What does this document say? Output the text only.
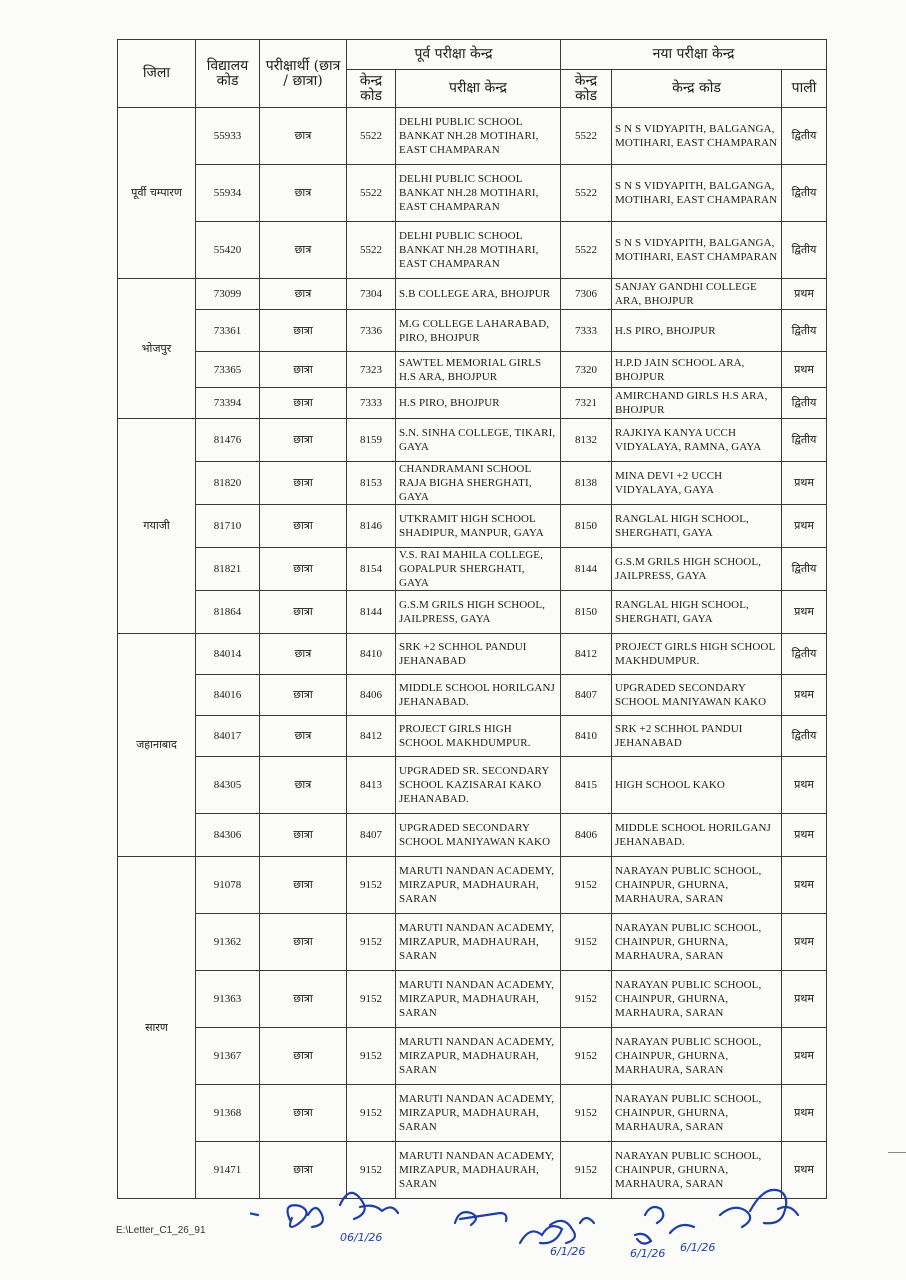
जिला	विद्यालय कोड	परीक्षार्थी (छात्र / छात्रा)	पूर्व परीक्षा केन्द्र		नया परीक्षा केन्द्र		
			केन्द्र कोड	परीक्षा केन्द्र	केन्द्र कोड	केन्द्र कोड	पाली
पूर्वी चम्पारण	55933	छात्र	5522	DELHI PUBLIC SCHOOL BANKAT NH.28 MOTIHARI, EAST CHAMPARAN	5522	S N S VIDYAPITH, BALGANGA, MOTIHARI, EAST CHAMPARAN	द्वितीय
	55934	छात्र	5522	DELHI PUBLIC SCHOOL BANKAT NH.28 MOTIHARI, EAST CHAMPARAN	5522	S N S VIDYAPITH, BALGANGA, MOTIHARI, EAST CHAMPARAN	द्वितीय
	55420	छात्र	5522	DELHI PUBLIC SCHOOL BANKAT NH.28 MOTIHARI, EAST CHAMPARAN	5522	S N S VIDYAPITH, BALGANGA, MOTIHARI, EAST CHAMPARAN	द्वितीय
भोजपुर	73099	छात्र	7304	S.B COLLEGE ARA, BHOJPUR	7306	SANJAY GANDHI COLLEGE ARA, BHOJPUR	प्रथम
	73361	छात्रा	7336	M.G COLLEGE LAHARABAD, PIRO, BHOJPUR	7333	H.S PIRO, BHOJPUR	द्वितीय
	73365	छात्रा	7323	SAWTEL MEMORIAL GIRLS H.S ARA, BHOJPUR	7320	H.P.D JAIN SCHOOL ARA, BHOJPUR	प्रथम
	73394	छात्रा	7333	H.S PIRO, BHOJPUR	7321	AMIRCHAND GIRLS H.S ARA, BHOJPUR	द्वितीय
गयाजी	81476	छात्रा	8159	S.N. SINHA COLLEGE, TIKARI, GAYA	8132	RAJKIYA KANYA UCCH VIDYALAYA, RAMNA, GAYA	द्वितीय
	81820	छात्रा	8153	CHANDRAMANI SCHOOL RAJA BIGHA SHERGHATI, GAYA	8138	MINA DEVI +2 UCCH VIDYALAYA, GAYA	प्रथम
	81710	छात्रा	8146	UTKRAMIT HIGH SCHOOL SHADIPUR, MANPUR, GAYA	8150	RANGLAL HIGH SCHOOL, SHERGHATI, GAYA	प्रथम
	81821	छात्रा	8154	V.S. RAI MAHILA COLLEGE, GOPALPUR SHERGHATI, GAYA	8144	G.S.M GRILS HIGH SCHOOL, JAILPRESS, GAYA	द्वितीय
	81864	छात्रा	8144	G.S.M GRILS HIGH SCHOOL, JAILPRESS, GAYA	8150	RANGLAL HIGH SCHOOL, SHERGHATI, GAYA	प्रथम
जहानाबाद	84014	छात्र	8410	SRK +2 SCHHOL PANDUI JEHANABAD	8412	PROJECT GIRLS HIGH SCHOOL MAKHDUMPUR.	द्वितीय
	84016	छात्रा	8406	MIDDLE SCHOOL HORILGANJ JEHANABAD.	8407	UPGRADED SECONDARY SCHOOL MANIYAWAN KAKO	प्रथम
	84017	छात्र	8412	PROJECT GIRLS HIGH SCHOOL MAKHDUMPUR.	8410	SRK +2 SCHHOL PANDUI JEHANABAD	द्वितीय
	84305	छात्र	8413	UPGRADED SR. SECONDARY SCHOOL KAZISARAI KAKO JEHANABAD.	8415	HIGH SCHOOL KAKO	प्रथम
	84306	छात्रा	8407	UPGRADED SECONDARY SCHOOL MANIYAWAN KAKO	8406	MIDDLE SCHOOL HORILGANJ JEHANABAD.	प्रथम
सारण	91078	छात्रा	9152	MARUTI NANDAN ACADEMY, MIRZAPUR, MADHAURAH, SARAN	9152	NARAYAN PUBLIC SCHOOL, CHAINPUR, GHURNA, MARHAURA, SARAN	प्रथम
	91362	छात्रा	9152	MARUTI NANDAN ACADEMY, MIRZAPUR, MADHAURAH, SARAN	9152	NARAYAN PUBLIC SCHOOL, CHAINPUR, GHURNA, MARHAURA, SARAN	प्रथम
	91363	छात्रा	9152	MARUTI NANDAN ACADEMY, MIRZAPUR, MADHAURAH, SARAN	9152	NARAYAN PUBLIC SCHOOL, CHAINPUR, GHURNA, MARHAURA, SARAN	प्रथम
	91367	छात्रा	9152	MARUTI NANDAN ACADEMY, MIRZAPUR, MADHAURAH, SARAN	9152	NARAYAN PUBLIC SCHOOL, CHAINPUR, GHURNA, MARHAURA, SARAN	प्रथम
	91368	छात्रा	9152	MARUTI NANDAN ACADEMY, MIRZAPUR, MADHAURAH, SARAN	9152	NARAYAN PUBLIC SCHOOL, CHAINPUR, GHURNA, MARHAURA, SARAN	प्रथम
	91471	छात्रा	9152	MARUTI NANDAN ACADEMY, MIRZAPUR, MADHAURAH, SARAN	9152	NARAYAN PUBLIC SCHOOL, CHAINPUR, GHURNA, MARHAURA, SARAN	प्रथम
E:\Letter_C1_26_91
06/1/26
6/1/26	6/1/26 6/1/26
